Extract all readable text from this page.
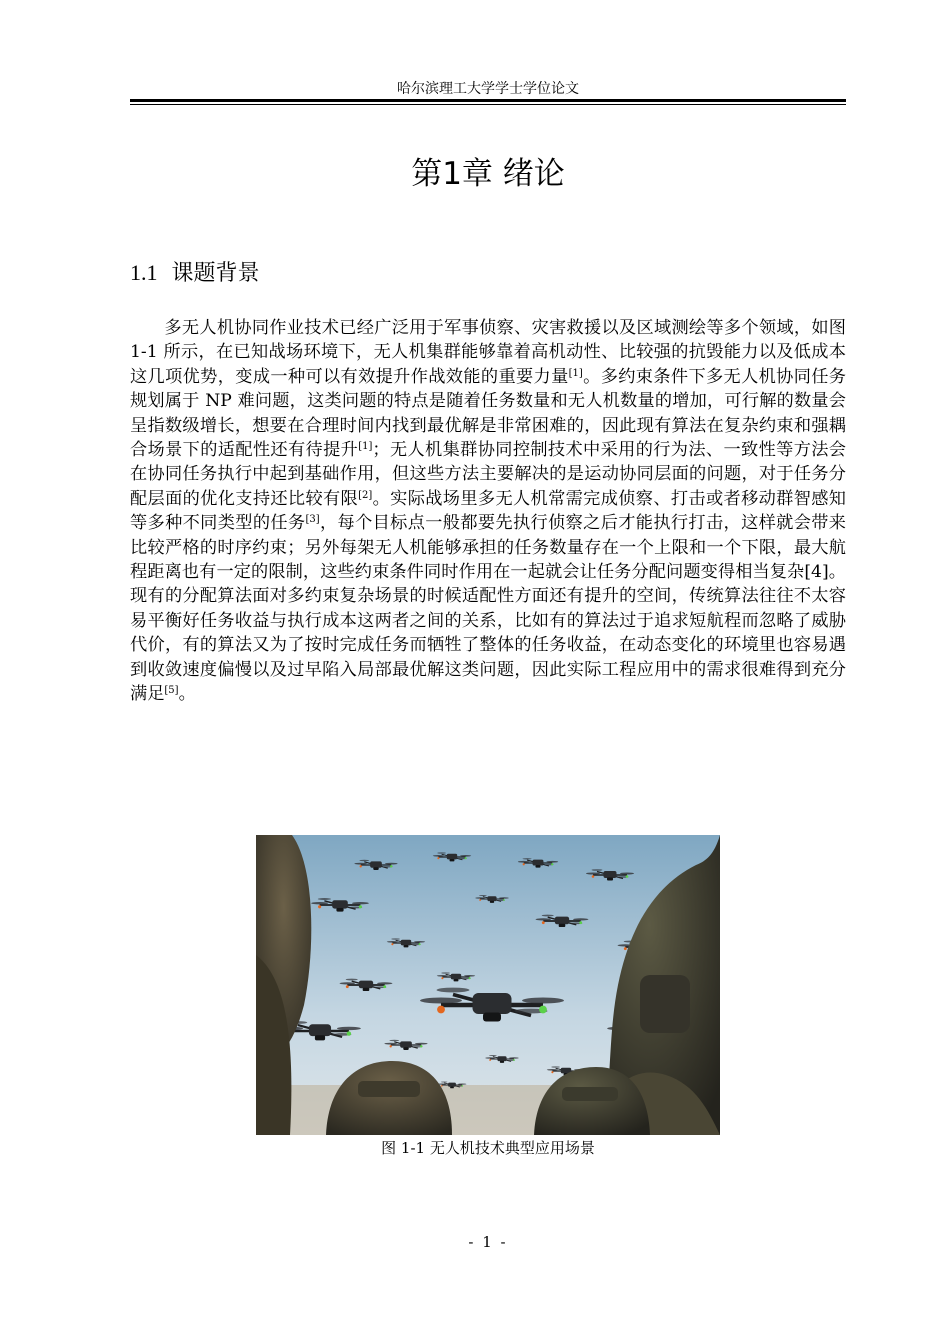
哈尔滨理工大学学士学位论文
第1章 绪论
1.1 课题背景
多无人机协同作业技术已经广泛用于军事侦察、灾害救援以及区域测绘等多个领域，如图 1-1 所示，在已知战场环境下，无人机集群能够靠着高机动性、比较强的抗毁能力以及低成本这几项优势，变成一种可以有效提升作战效能的重要力量[1]。多约束条件下多无人机协同任务规划属于 NP 难问题，这类问题的特点是随着任务数量和无人机数量的增加，可行解的数量会呈指数级增长，想要在合理时间内找到最优解是非常困难的，因此现有算法在复杂约束和强耦合场景下的适配性还有待提升[1]；无人机集群协同控制技术中采用的行为法、一致性等方法会在协同任务执行中起到基础作用，但这些方法主要解决的是运动协同层面的问题，对于任务分配层面的优化支持还比较有限[2]。实际战场里多无人机常需完成侦察、打击或者移动群智感知等多种不同类型的任务[3]，每个目标点一般都要先执行侦察之后才能执行打击，这样就会带来比较严格的时序约束；另外每架无人机能够承担的任务数量存在一个上限和一个下限，最大航程距离也有一定的限制，这些约束条件同时作用在一起就会让任务分配问题变得相当复杂[4]。现有的分配算法面对多约束复杂场景的时候适配性方面还有提升的空间，传统算法往往不太容易平衡好任务收益与执行成本这两者之间的关系，比如有的算法过于追求短航程而忽略了威胁代价，有的算法又为了按时完成任务而牺牲了整体的任务收益，在动态变化的环境里也容易遇到收敛速度偏慢以及过早陷入局部最优解这类问题，因此实际工程应用中的需求很难得到充分满足[5]。
图 1-1 无人机技术典型应用场景
- 1 -
